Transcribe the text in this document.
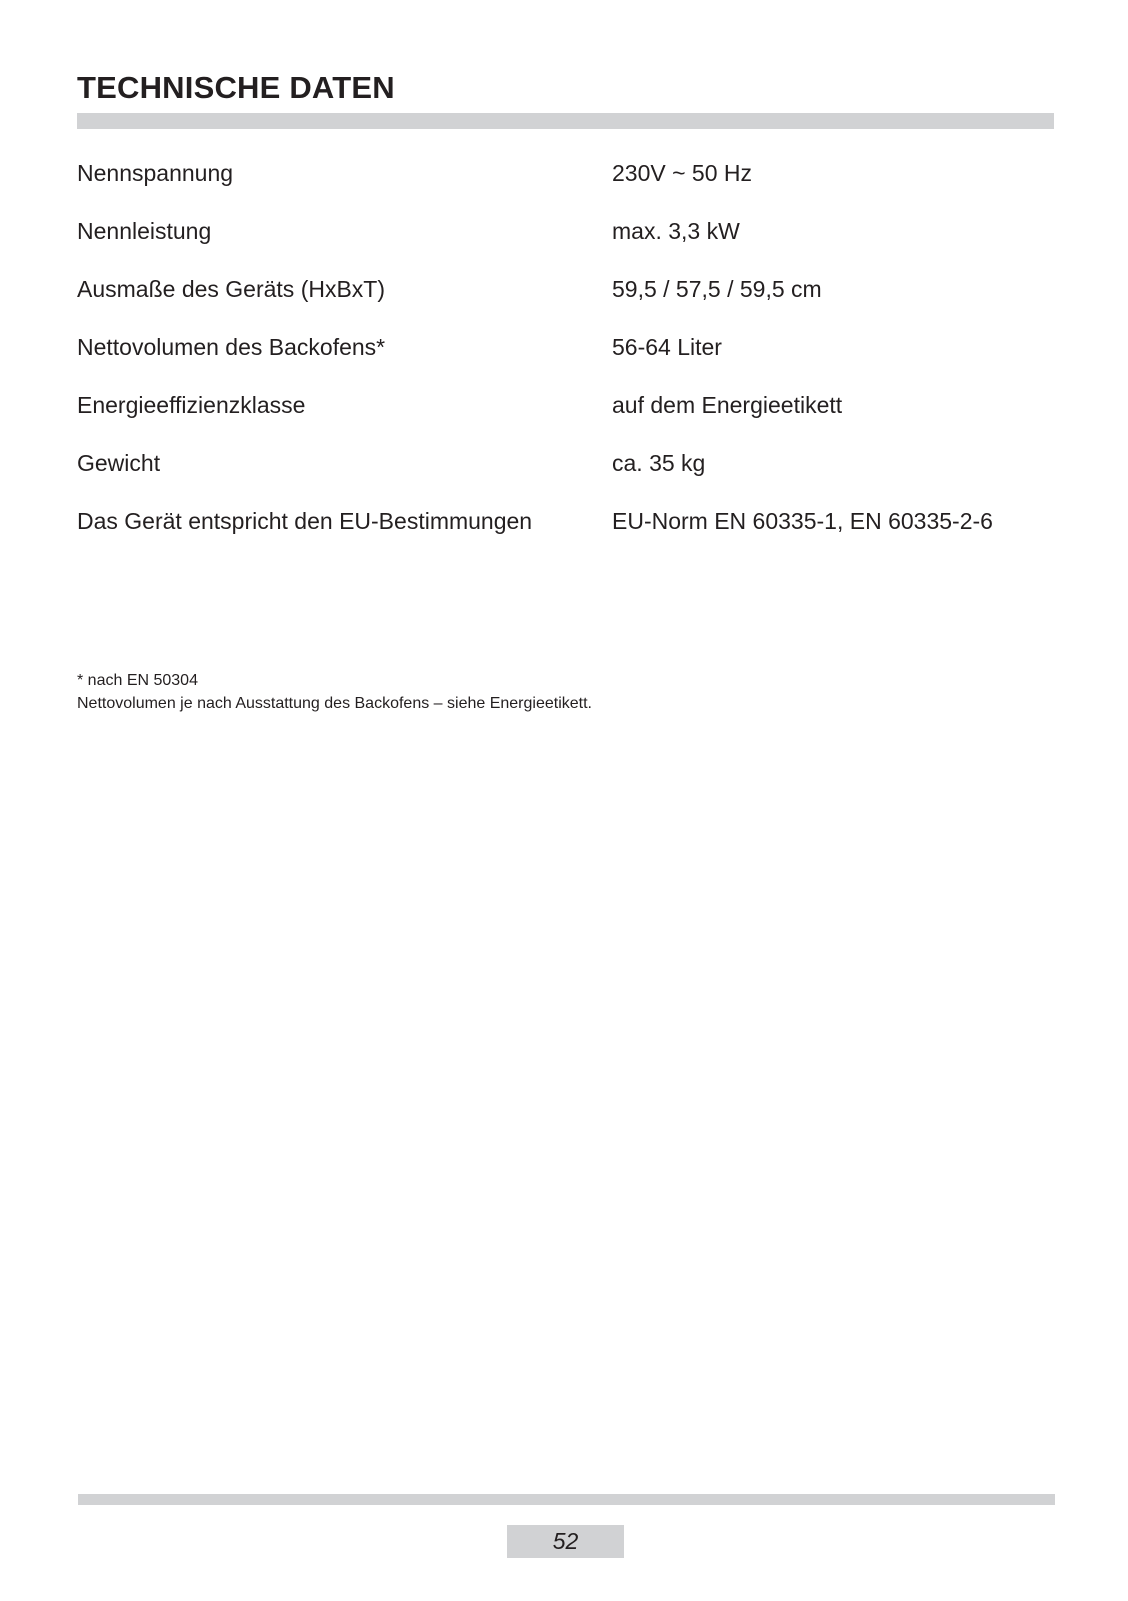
TECHNISCHE DATEN
Nennspannung	230V ~ 50 Hz
Nennleistung	max. 3,3 kW
Ausmaße des Geräts (HxBxT)	59,5 / 57,5 / 59,5 cm
Nettovolumen des Backofens*	56-64 Liter
Energieeffizienzklasse	auf dem Energieetikett
Gewicht	ca. 35 kg
Das Gerät entspricht den EU-Bestimmungen	EU-Norm EN 60335-1, EN 60335-2-6
* nach EN 50304
Nettovolumen je nach Ausstattung des Backofens – siehe Energieetikett.
52
